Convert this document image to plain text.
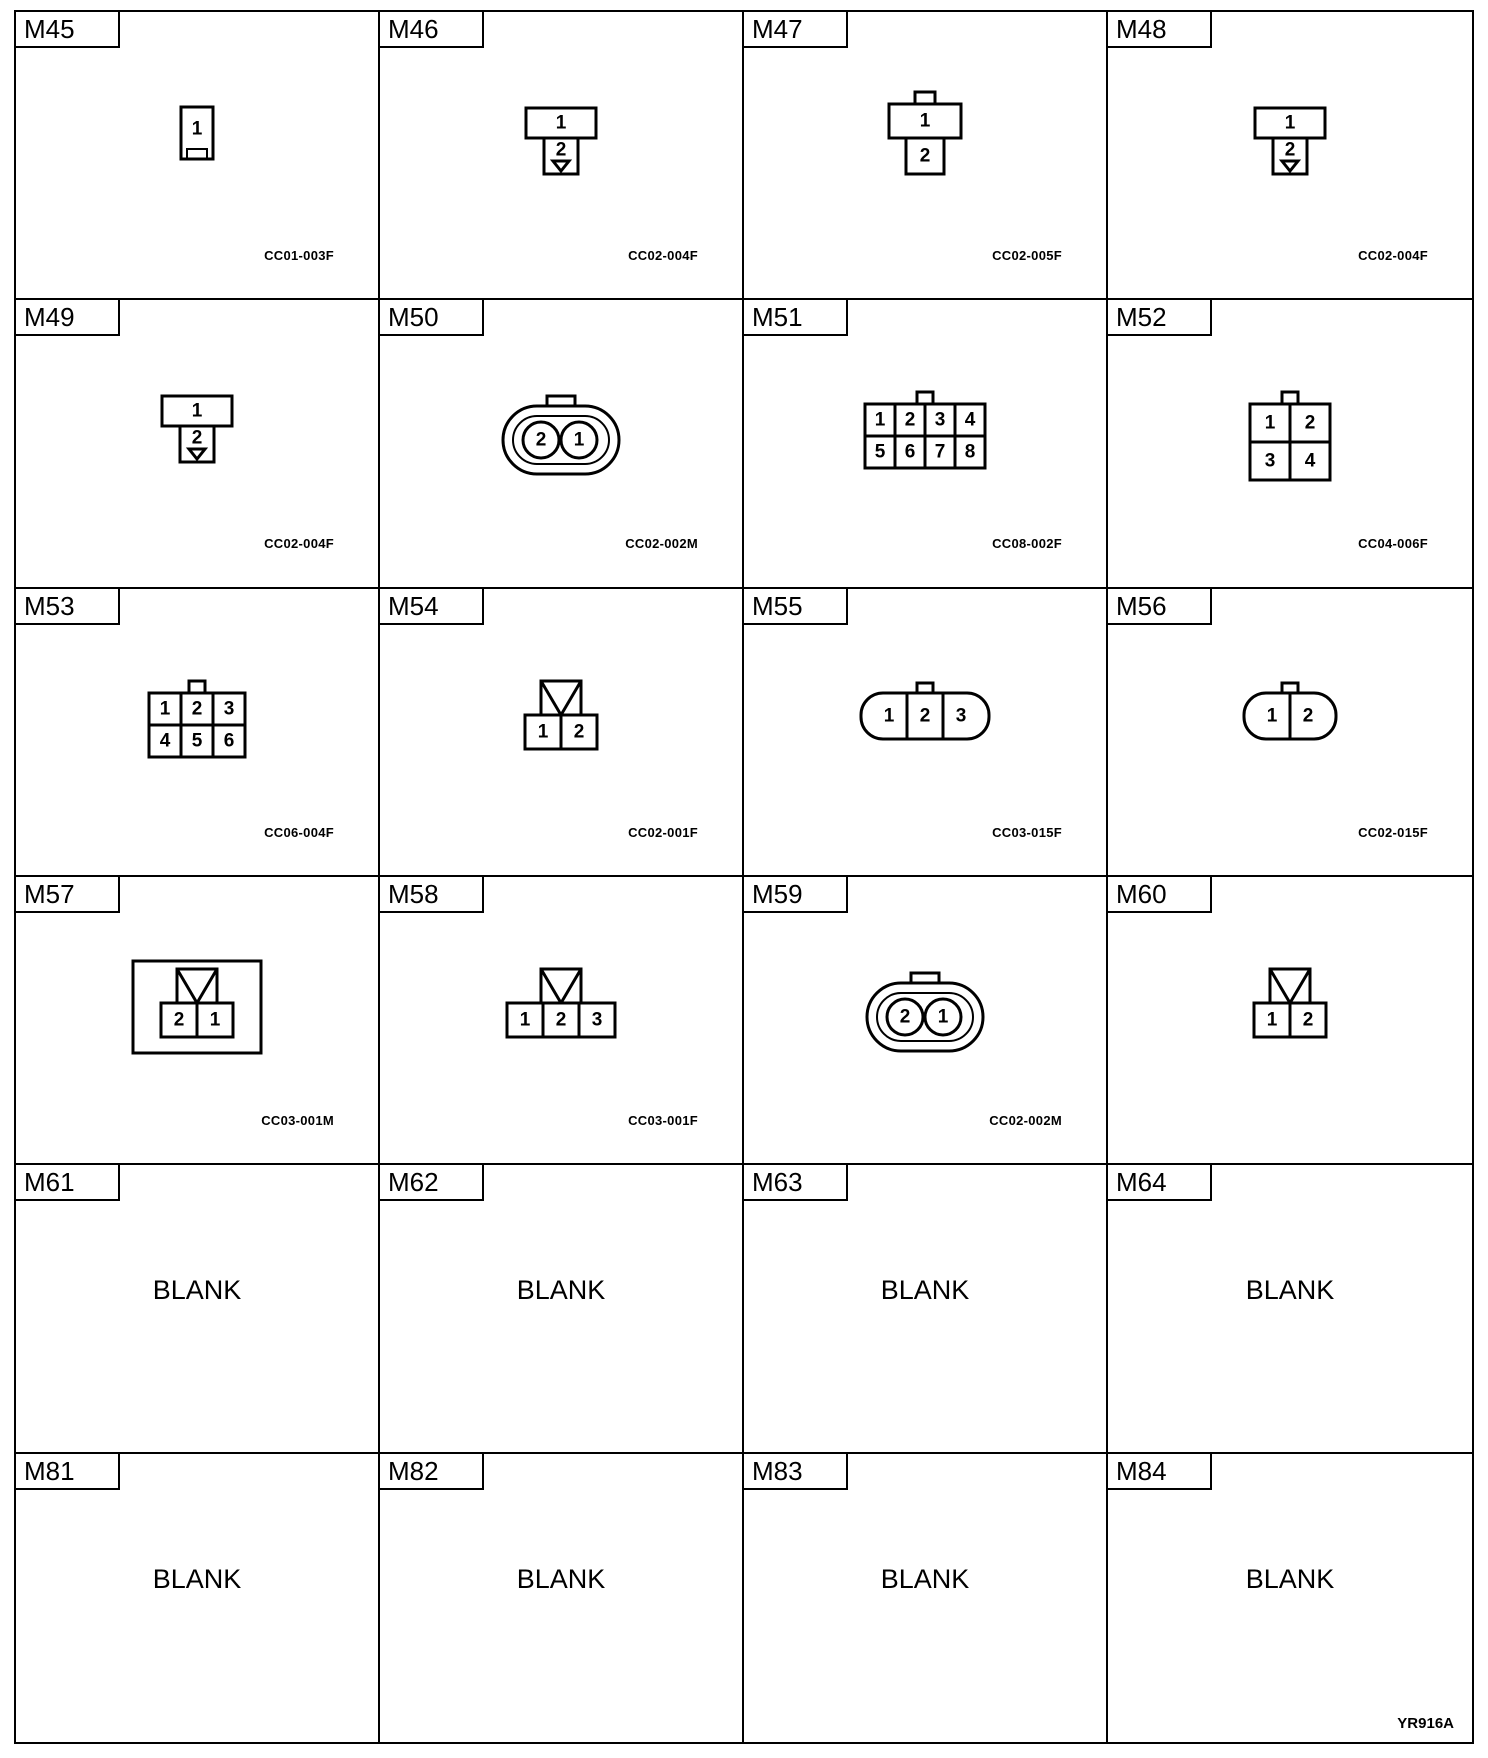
M45
1
CC01-003F
M46
1
2
CC02-004F
M47
1
2
CC02-005F
M48
1
2
CC02-004F
M49
1
2
CC02-004F
M50
2 1
CC02-002M
M51
1 2 3 4
5 6 7 8
CC08-002F
M52
1 2
3 4
CC04-006F
M53
1 2 3
4 5 6
CC06-004F
M54
1 2
CC02-001F
M55
1 2 3
CC03-015F
M56
1 2
CC02-015F
M57
2 1
CC03-001M
M58
1 2 3
CC03-001F
M59
2 1
CC02-002M
M60
1 2
M61
BLANK
M62
BLANK
M63
BLANK
M64
BLANK
M81
BLANK
M82
BLANK
M83
BLANK
M84
BLANK
YR916A
